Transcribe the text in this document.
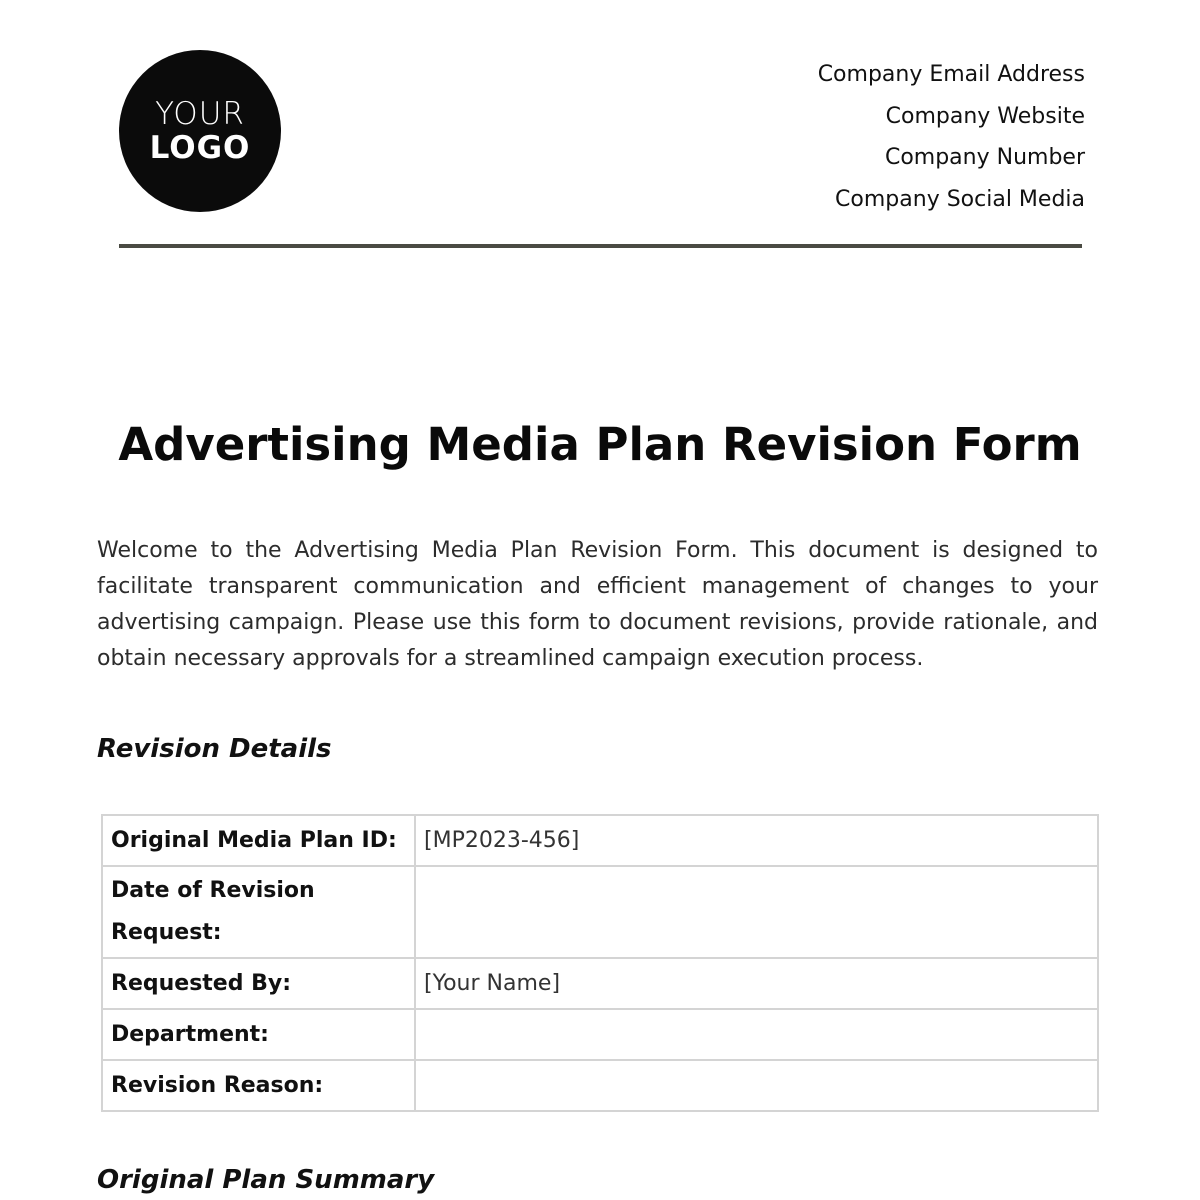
YOUR
LOGO
Company Email Address
Company Website
Company Number
Company Social Media
Advertising Media Plan Revision Form
Welcome to the Advertising Media Plan Revision Form. This document is designed to facilitate transparent communication and efficient management of changes to your advertising campaign. Please use this form to document revisions, provide rationale, and obtain necessary approvals for a streamlined campaign execution process.
Revision Details
Original Media Plan ID:	[MP2023-456]
Date of Revision Request:	
Requested By:	[Your Name]
Department:	
Revision Reason:	
Original Plan Summary
